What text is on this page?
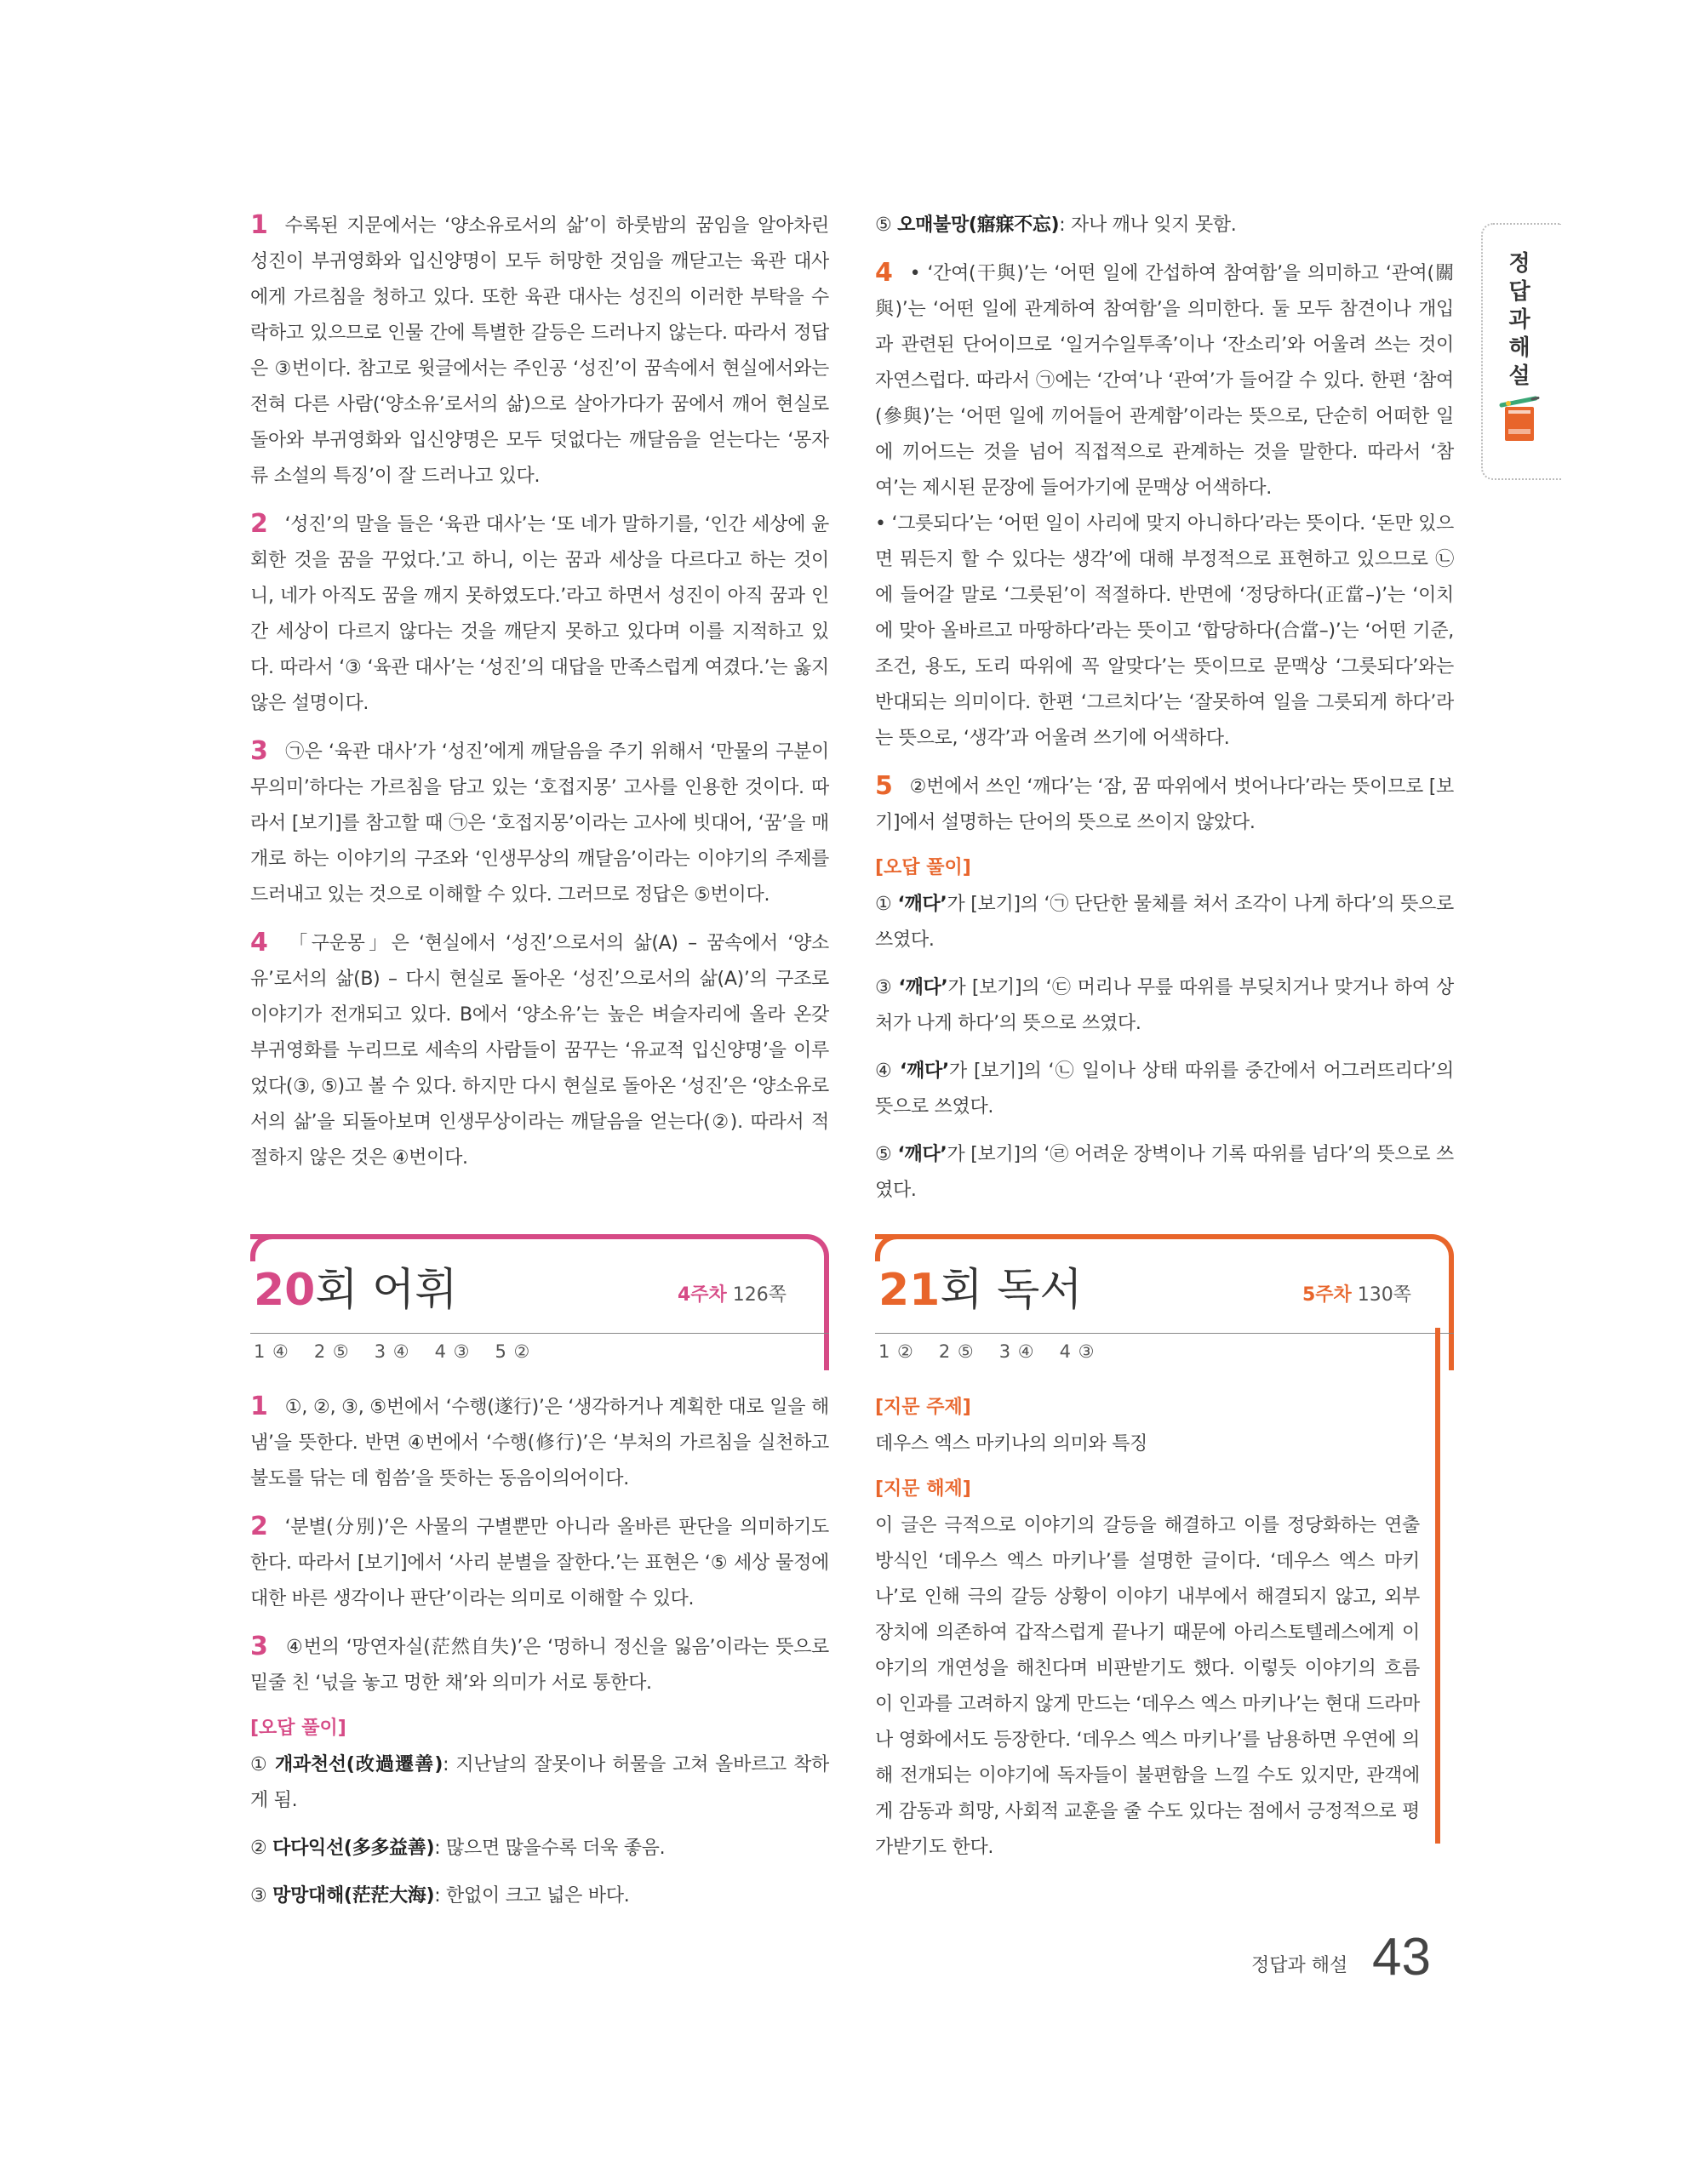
1 수록된 지문에서는 ‘양소유로서의 삶’이 하룻밤의 꿈임을 알아차린 성진이 부귀영화와 입신양명이 모두 허망한 것임을 깨닫고는 육관 대사에게 가르침을 청하고 있다. 또한 육관 대사는 성진의 이러한 부탁을 수락하고 있으므로 인물 간에 특별한 갈등은 드러나지 않는다. 따라서 정답은 ③번이다. 참고로 윗글에서는 주인공 ‘성진’이 꿈속에서 현실에서와는 전혀 다른 사람(‘양소유’로서의 삶)으로 살아가다가 꿈에서 깨어 현실로 돌아와 부귀영화와 입신양명은 모두 덧없다는 깨달음을 얻는다는 ‘몽자류 소설의 특징’이 잘 드러나고 있다.

2 ‘성진’의 말을 들은 ‘육관 대사’는 ‘또 네가 말하기를, ‘인간 세상에 윤회한 것을 꿈을 꾸었다.’고 하니, 이는 꿈과 세상을 다르다고 하는 것이니, 네가 아직도 꿈을 깨지 못하였도다.’라고 하면서 성진이 아직 꿈과 인간 세상이 다르지 않다는 것을 깨닫지 못하고 있다며 이를 지적하고 있다. 따라서 ‘③ ‘육관 대사’는 ‘성진’의 대답을 만족스럽게 여겼다.’는 옳지 않은 설명이다.

3 ㉠은 ‘육관 대사’가 ‘성진’에게 깨달음을 주기 위해서 ‘만물의 구분이 무의미’하다는 가르침을 담고 있는 ‘호접지몽’ 고사를 인용한 것이다. 따라서 [보기]를 참고할 때 ㉠은 ‘호접지몽’이라는 고사에 빗대어, ‘꿈’을 매개로 하는 이야기의 구조와 ‘인생무상의 깨달음’이라는 이야기의 주제를 드러내고 있는 것으로 이해할 수 있다. 그러므로 정답은 ⑤번이다.

4 「구운몽」은 ‘현실에서 ‘성진’으로서의 삶(A) – 꿈속에서 ‘양소유’로서의 삶(B) – 다시 현실로 돌아온 ‘성진’으로서의 삶(A)’의 구조로 이야기가 전개되고 있다. B에서 ‘양소유’는 높은 벼슬자리에 올라 온갖 부귀영화를 누리므로 세속의 사람들이 꿈꾸는 ‘유교적 입신양명’을 이루었다(③, ⑤)고 볼 수 있다. 하지만 다시 현실로 돌아온 ‘성진’은 ‘양소유로서의 삶’을 되돌아보며 인생무상이라는 깨달음을 얻는다(②). 따라서 적절하지 않은 것은 ④번이다.

⑤ 오매불망(寤寐不忘): 자나 깨나 잊지 못함.

4 • ‘간여(干與)’는 ‘어떤 일에 간섭하여 참여함’을 의미하고 ‘관여(關與)’는 ‘어떤 일에 관계하여 참여함’을 의미한다. 둘 모두 참견이나 개입과 관련된 단어이므로 ‘일거수일투족’이나 ‘잔소리’와 어울려 쓰는 것이 자연스럽다. 따라서 ㉠에는 ‘간여’나 ‘관여’가 들어갈 수 있다. 한편 ‘참여(參與)’는 ‘어떤 일에 끼어들어 관계함’이라는 뜻으로, 단순히 어떠한 일에 끼어드는 것을 넘어 직접적으로 관계하는 것을 말한다. 따라서 ‘참여’는 제시된 문장에 들어가기에 문맥상 어색하다.

• ‘그릇되다’는 ‘어떤 일이 사리에 맞지 아니하다’라는 뜻이다. ‘돈만 있으면 뭐든지 할 수 있다는 생각’에 대해 부정적으로 표현하고 있으므로 ㉡에 들어갈 말로 ‘그릇된’이 적절하다. 반면에 ‘정당하다(正當–)’는 ‘이치에 맞아 올바르고 마땅하다’라는 뜻이고 ‘합당하다(合當–)’는 ‘어떤 기준, 조건, 용도, 도리 따위에 꼭 알맞다’는 뜻이므로 문맥상 ‘그릇되다’와는 반대되는 의미이다. 한편 ‘그르치다’는 ‘잘못하여 일을 그릇되게 하다’라는 뜻으로, ‘생각’과 어울려 쓰기에 어색하다.

5 ②번에서 쓰인 ‘깨다’는 ‘잠, 꿈 따위에서 벗어나다’라는 뜻이므로 [보기]에서 설명하는 단어의 뜻으로 쓰이지 않았다.

[오답 풀이]

① ‘깨다’가 [보기]의 ‘㉠ 단단한 물체를 쳐서 조각이 나게 하다’의 뜻으로 쓰였다.

③ ‘깨다’가 [보기]의 ‘㉢ 머리나 무릎 따위를 부딪치거나 맞거나 하여 상처가 나게 하다’의 뜻으로 쓰였다.

④ ‘깨다’가 [보기]의 ‘㉡ 일이나 상태 따위를 중간에서 어그러뜨리다’의 뜻으로 쓰였다.

⑤ ‘깨다’가 [보기]의 ‘㉣ 어려운 장벽이나 기록 따위를 넘다’의 뜻으로 쓰였다.

20회 어휘	4주차 126쪽
1 ④ 2 ⑤ 3 ④ 4 ③ 5 ②

1 ①, ②, ③, ⑤번에서 ‘수행(遂行)’은 ‘생각하거나 계획한 대로 일을 해냄’을 뜻한다. 반면 ④번에서 ‘수행(修行)’은 ‘부처의 가르침을 실천하고 불도를 닦는 데 힘씀’을 뜻하는 동음이의어이다.

2 ‘분별(分別)’은 사물의 구별뿐만 아니라 올바른 판단을 의미하기도 한다. 따라서 [보기]에서 ‘사리 분별을 잘한다.’는 표현은 ‘⑤ 세상 물정에 대한 바른 생각이나 판단’이라는 의미로 이해할 수 있다.

3 ④번의 ‘망연자실(茫然自失)’은 ‘멍하니 정신을 잃음’이라는 뜻으로 밑줄 친 ‘넋을 놓고 멍한 채’와 의미가 서로 통한다.

[오답 풀이]

① 개과천선(改過遷善): 지난날의 잘못이나 허물을 고쳐 올바르고 착하게 됨.

② 다다익선(多多益善): 많으면 많을수록 더욱 좋음.

③ 망망대해(茫茫大海): 한없이 크고 넓은 바다.

21회 독서	5주차 130쪽
1 ② 2 ⑤ 3 ④ 4 ③
[지문 주제]

데우스 엑스 마키나의 의미와 특징

[지문 해제]

이 글은 극적으로 이야기의 갈등을 해결하고 이를 정당화하는 연출 방식인 ‘데우스 엑스 마키나’를 설명한 글이다. ‘데우스 엑스 마키나’로 인해 극의 갈등 상황이 이야기 내부에서 해결되지 않고, 외부 장치에 의존하여 갑작스럽게 끝나기 때문에 아리스토텔레스에게 이야기의 개연성을 해친다며 비판받기도 했다. 이렇듯 이야기의 흐름이 인과를 고려하지 않게 만드는 ‘데우스 엑스 마키나’는 현대 드라마나 영화에서도 등장한다. ‘데우스 엑스 마키나’를 남용하면 우연에 의해 전개되는 이야기에 독자들이 불편함을 느낄 수도 있지만, 관객에게 감동과 희망, 사회적 교훈을 줄 수도 있다는 점에서 긍정적으로 평가받기도 한다.

정
답
과
해
설
정답과 해설 43
